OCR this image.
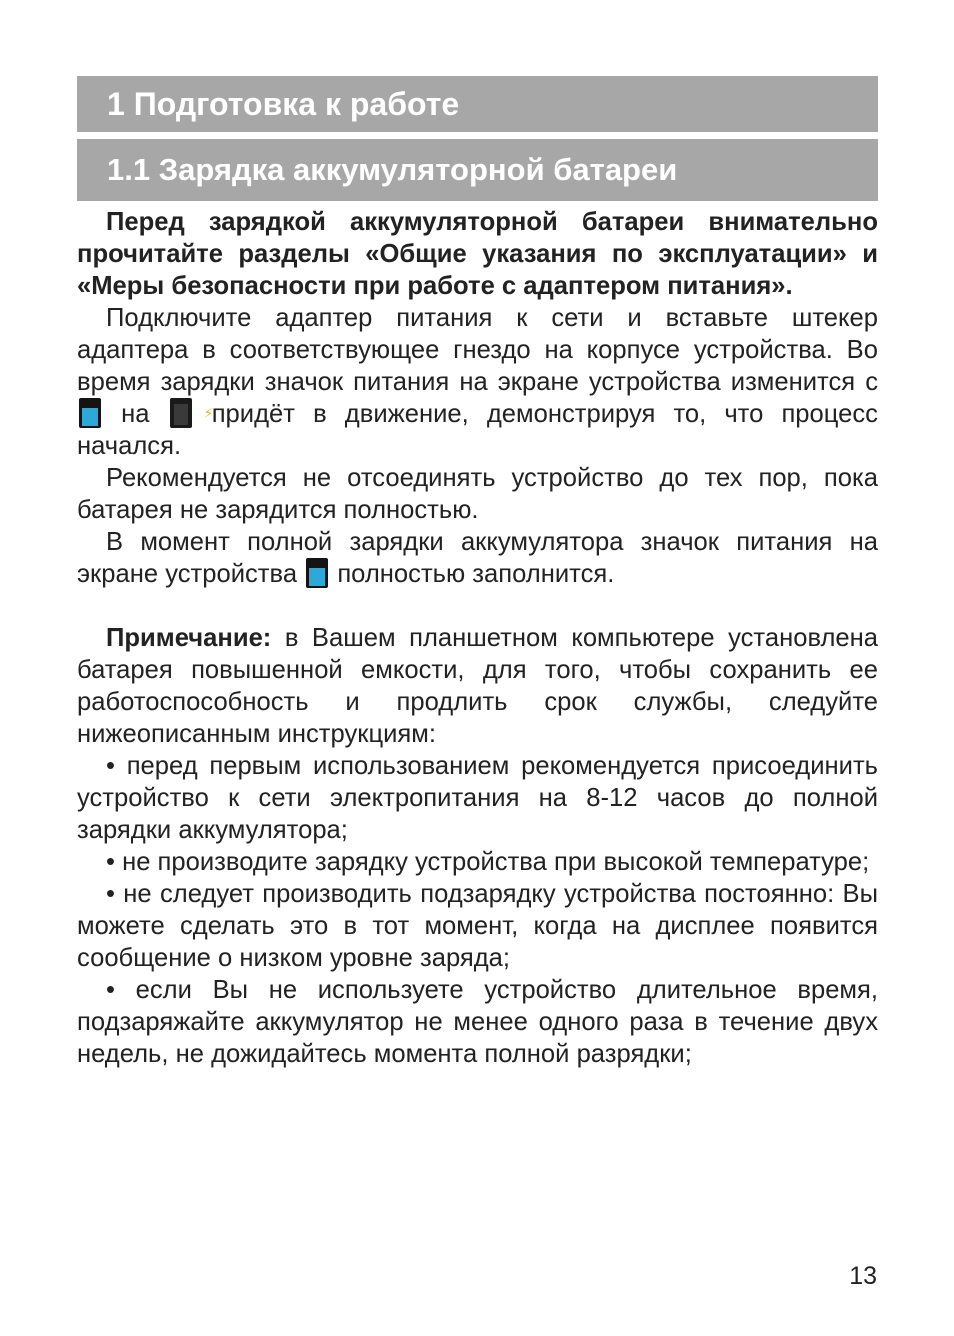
1 Подготовка к работе
1.1 Зарядка аккумуляторной батареи

Перед зарядкой аккумуляторной батареи внимательно прочитайте разделы «Общие указания по эксплуатации» и «Меры безопасности при работе с адаптером питания».

Подключите адаптер питания к сети и вставьте штекер адаптера в соответствующее гнездо на корпусе устройства. Во время зарядки значок питания на экране устройства изменится с  на	⚡
придёт в движение, демонстрируя то, что процесс начался.

Рекомендуется не отсоединять устройство до тех пор, пока батарея не зарядится полностью.

В момент полной зарядки аккумулятора значок питания на экране устройства полностью заполнится.

Примечание: в Вашем планшетном компьютере установлена батарея повышенной емкости, для того, чтобы сохранить ее работоспособность и продлить срок службы, следуйте нижеописанным инструкциям:

• перед первым использованием рекомендуется присоединить устройство к сети электропитания на 8-12 часов до полной зарядки аккумулятора;

• не производите зарядку устройства при высокой температуре;

• не следует производить подзарядку устройства постоянно: Вы можете сделать это в тот момент, когда на дисплее появится сообщение о низком уровне заряда;

• если Вы не используете устройство длительное время, подзаряжайте аккумулятор не менее одного раза в течение двух недель, не дожидайтесь момента полной разрядки;

13
